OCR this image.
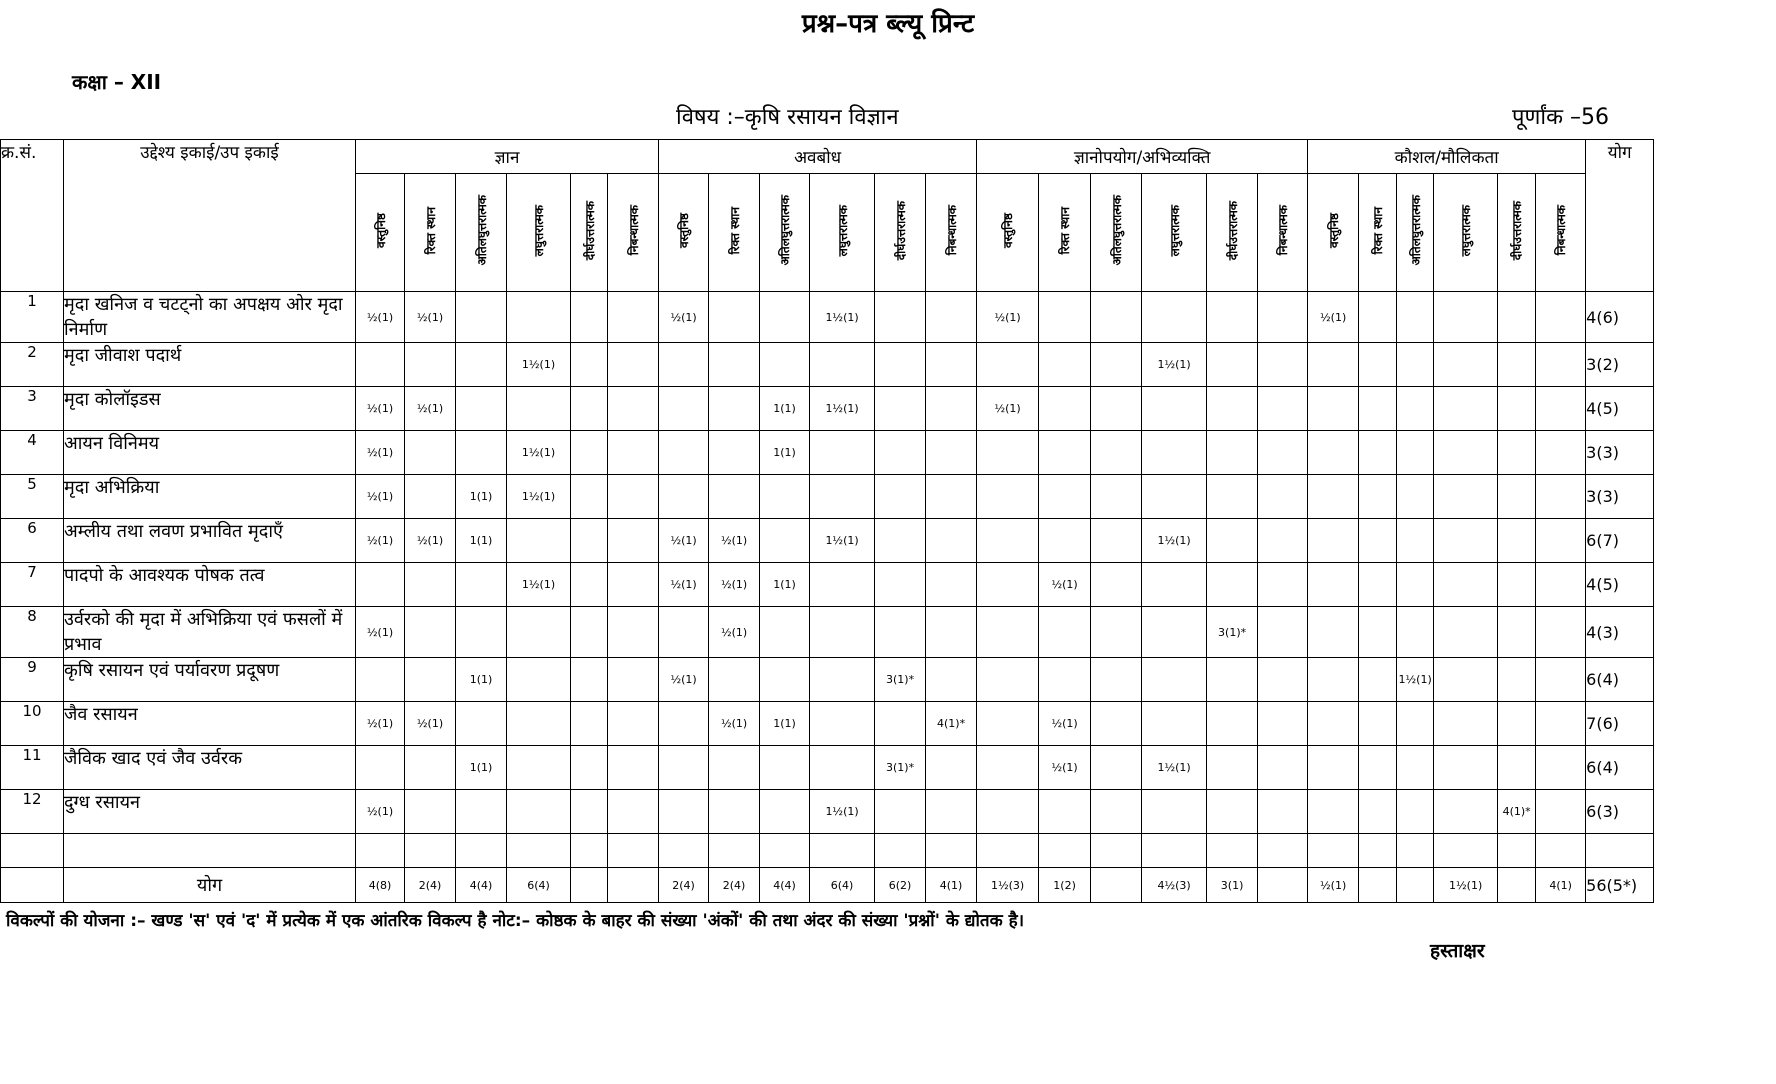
प्रश्न–पत्र ब्ल्यू प्रिन्ट
कक्षा – XII
विषय :–कृषि रसायन विज्ञान	पूर्णांक –56
क्र.सं.	उद्देश्य इकाई/उप इकाई	ज्ञान						अवबोध						ज्ञानोपयोग/अभिव्यक्ति						कौशल/मौलिकता						योग
		वस्तुनिष्ठ	रिक्त स्थान	अतिलघुत्तरात्मक	लघुत्तरात्मक	दीर्घउत्तरात्मक	निबन्धात्मक	वस्तुनिष्ठ	रिक्त स्थान	अतिलघुत्तरात्मक	लघुत्तरात्मक	दीर्घउत्तरात्मक	निबन्धात्मक	वस्तुनिष्ठ	रिक्त स्थान	अतिलघुत्तरात्मक	लघुत्तरात्मक	दीर्घउत्तरात्मक	निबन्धात्मक	वस्तुनिष्ठ	रिक्त स्थान	अतिलघुत्तरात्मक	लघुत्तरात्मक	दीर्घउत्तरात्मक	निबन्धात्मक	
1	मृदा खनिज व चटट्नो का अपक्षय ओर मृदा निर्माण	½(1)	½(1)					½(1)			1½(1)			½(1)						½(1)						4(6)
2	मृदा जीवाश पदार्थ				1½(1)												1½(1)									3(2)
3	मृदा कोलॉइडस	½(1)	½(1)							1(1)	1½(1)			½(1)												4(5)
4	आयन विनिमय	½(1)			1½(1)					1(1)																3(3)
5	मृदा अभिक्रिया	½(1)		1(1)	1½(1)																					3(3)
6	अम्लीय तथा लवण प्रभावित मृदाएँ	½(1)	½(1)	1(1)				½(1)	½(1)		1½(1)						1½(1)									6(7)
7	पादपो के आवश्यक पोषक तत्व				1½(1)			½(1)	½(1)	1(1)					½(1)											4(5)
8	उर्वरको की मृदा में अभिक्रिया एवं फसलों में प्रभाव	½(1)							½(1)									3(1)*								4(3)
9	कृषि रसायन एवं पर्यावरण प्रदूषण			1(1)				½(1)				3(1)*										1½(1)				6(4)
10	जैव रसायन	½(1)	½(1)						½(1)	1(1)			4(1)*		½(1)											7(6)
11	जैविक खाद एवं जैव उर्वरक			1(1)								3(1)*			½(1)		1½(1)									6(4)
12	दुग्ध रसायन	½(1)									1½(1)													4(1)*		6(3)

	योग	4(8)	2(4)	4(4)	6(4)			2(4)	2(4)	4(4)	6(4)	6(2)	4(1)	1½(3)	1(2)		4½(3)	3(1)		½(1)			1½(1)		4(1)	56(5*)
विकल्पों की योजना :– खण्ड 'स' एवं 'द' में प्रत्येक में एक आंतरिक विकल्प है नोट:– कोष्ठक के बाहर की संख्या 'अंकों' की तथा अंदर की संख्या 'प्रश्नों' के द्योतक है।
हस्ताक्षर
